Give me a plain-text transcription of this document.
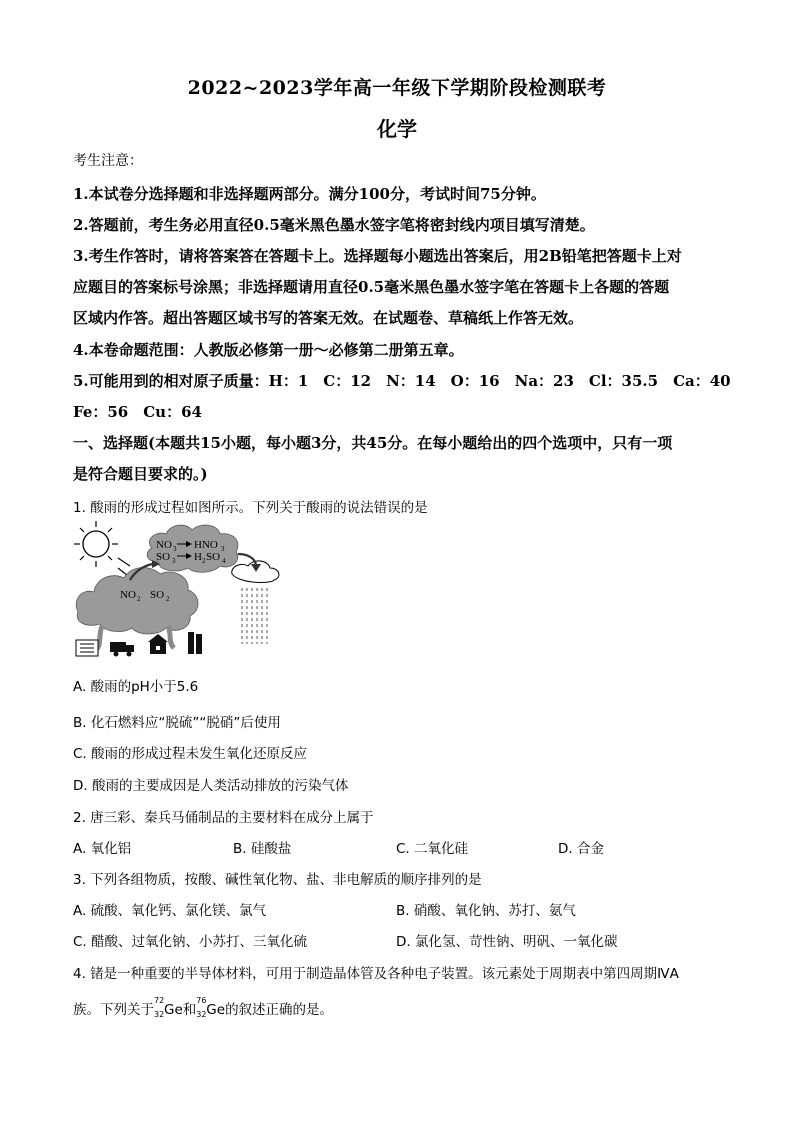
2022~2023学年高一年级下学期阶段检测联考
化学
考生注意：
1.本试卷分选择题和非选择题两部分。满分100分，考试时间75分钟。
2.答题前，考生务必用直径0.5毫米黑色墨水签字笔将密封线内项目填写清楚。
3.考生作答时，请将答案答在答题卡上。选择题每小题选出答案后，用2B铅笔把答题卡上对
应题目的答案标号涂黑；非选择题请用直径0.5毫米黑色墨水签字笔在答题卡上各题的答题
区域内作答。超出答题区域书写的答案无效。在试题卷、草稿纸上作答无效。
4.本卷命题范围：人教版必修第一册～必修第二册第五章。
5.可能用到的相对原子质量：H：1　C：12　N：14　O：16　Na：23　Cl：35.5　Ca：40
Fe：56　Cu：64
一、选择题(本题共15小题，每小题3分，共45分。在每小题给出的四个选项中，只有一项
是符合题目要求的。)
1. 酸雨的形成过程如图所示。下列关于酸雨的说法错误的是
NO 3
SO 3
HNO 3
H 2 SO 4
NO 2 SO 2
A. 酸雨的pH小于5.6
B. 化石燃料应“脱硫”“脱硝”后使用
C. 酸雨的形成过程未发生氧化还原反应
D. 酸雨的主要成因是人类活动排放的污染气体
2. 唐三彩、秦兵马俑制品的主要材料在成分上属于
A. 氧化铝	B. 硅酸盐	C. 二氧化硅	D. 合金
3. 下列各组物质，按酸、碱性氧化物、盐、非电解质的顺序排列的是
A. 硫酸、氧化钙、氯化镁、氯气	B. 硝酸、氧化钠、苏打、氨气
C. 醋酸、过氧化钠、小苏打、三氧化硫	D. 氯化氢、苛性钠、明矾、一氧化碳
4. 锗是一种重要的半导体材料，可用于制造晶体管及各种电子装置。该元素处于周期表中第四周期ⅣA
族。下列关于
72
32 Ge和
76
32 Ge的叙述正确的是。
